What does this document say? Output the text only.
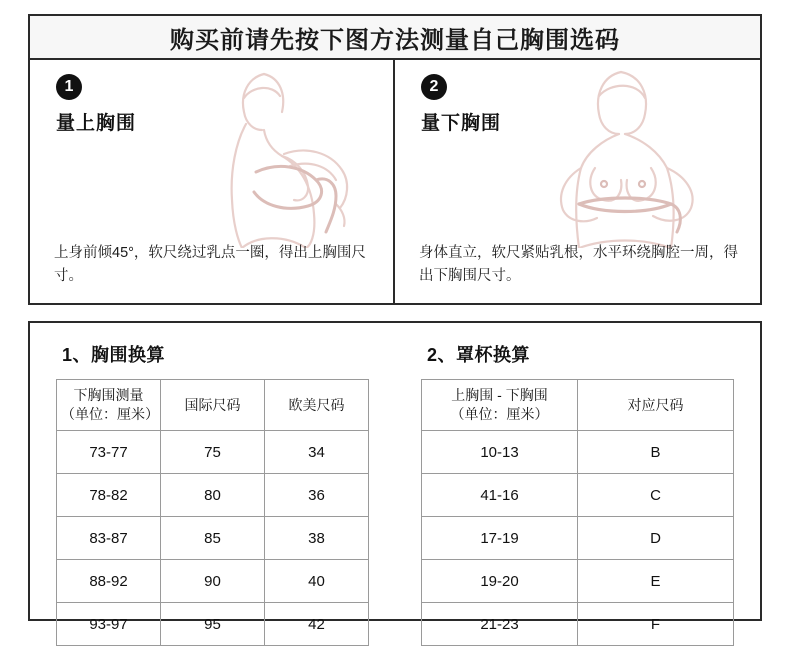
购买前请先按下图方法测量自己胸围选码
1
量上胸围
上身前倾45°，软尺绕过乳点一圈，得出上胸围尺寸。
2
量下胸围
身体直立，软尺紧贴乳根，水平环绕胸腔一周，得出下胸围尺寸。
1、胸围换算
下胸围测量
（单位：厘米）	国际尺码	欧美尺码
73-77	75	34
78-82	80	36
83-87	85	38
88-92	90	40
93-97	95	42
2、罩杯换算
上胸围 - 下胸围
（单位：厘米）	对应尺码
10-13	B
41-16	C
17-19	D
19-20	E
21-23	F
